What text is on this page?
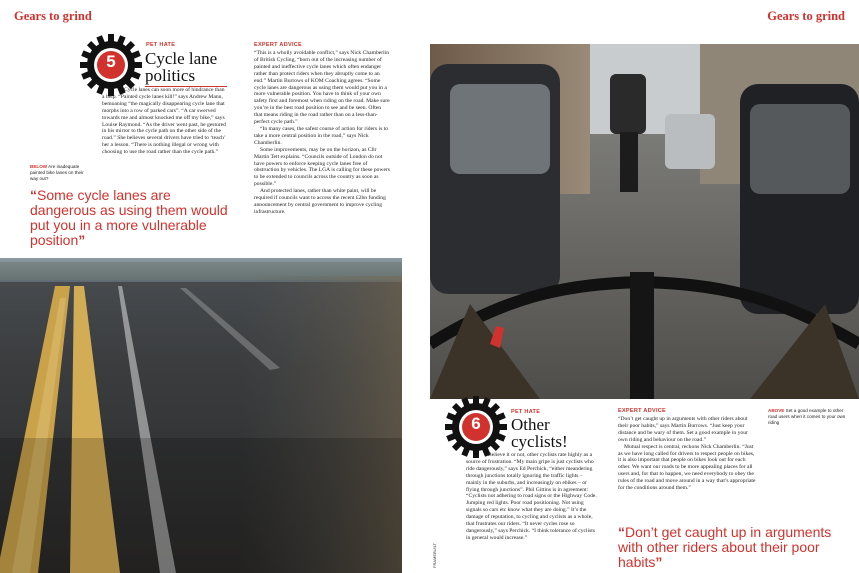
Gears to grind
5
PET HATE
Cycle lane
politics
Cycle lanes can soon more of hindrance than a help. “Painted cycle lanes kill!” says Andrew Mann, bemoaning “the magically disappearing cycle lane that morphs into a row of parked cars”. “A car swerved towards me and almost knocked me off my bike,” says Louise Raymond. “As the driver went past, he gestured in his mirror to the cycle path on the other side of the road.” She believes several drivers have tried to ‘teach’ her a lesson. “There is nothing illegal or wrong with choosing to use the road rather than the cycle path.”
BELOW Are inadequate painted bike lanes on their way out?
“Some cycle lanes are dangerous as using them would put you in a more vulnerable position”
EXPERT ADVICE
“This is a wholly avoidable conflict,” says Nick Chamberlin of British Cycling, “born out of the increasing number of painted and ineffective cycle lanes which often endanger rather than protect riders when they abruptly come to an end.” Martin Burrows of KOM Coaching agrees. “Some cycle lanes are dangerous as using them would put you in a more vulnerable position. You have to think of your own safety first and foremost when riding on the road. Make sure you’re in the best road position to see and be seen. Often that means riding in the road rather than on a less-than-perfect cycle path.”
“In many cases, the safest course of action for riders is to take a more central position in the road,” says Nick Chamberlin.
Some improvements, may be on the horizon, as Cllr Martin Tett explains. “Councils outside of London do not have powers to enforce keeping cycle lanes free of obstruction by vehicles. The LGA is calling for these powers to be extended to councils across the country as soon as possible.”
And protected lanes, rather than white paint, will be required if councils want to access the recent £2bn funding announcement by central government to improve cycling infrastructure.
Gears to grind
6
PET HATE
Other
cyclists!
Believe it or not, other cyclists rate highly as a source of frustration. “My main gripe is just cyclists who ride dangerously,” says Ed Perchick, “either meandering through junctions totally ignoring the traffic lights – mainly in the suburbs, and increasingly on ebikes – or flying through junctions”. Phil Gittins is in agreement: “Cyclists not adhering to road signs or the Highway Code. Jumping red lights. Poor road positioning. Not using signals so cars etc know what they are doing.” It’s the damage of reputation, to cycling and cyclists as a whole, that frustrates our riders. “It never cycles rose so dangerously,” says Perchick. “I think tolerance of cyclists in general would increase.”
FRAMEBUILT
EXPERT ADVICE
“Don’t get caught up in arguments with other riders about their poor habits,” says Martin Burrows. “Just keep your distance and be wary of them. Set a good example in your own riding and behaviour on the road.”
Mutual respect is central, reckons Nick Chamberlin. “Just as we have long called for drivers to respect people on bikes, it is also important that people on bikes look out for each other. We want our roads to be more appealing places for all users and, for that to happen, we need everybody to obey the rules of the road and move around in a way that’s appropriate for the conditions around them.”
ABOVE Set a good example to other road users when it comes to your own riding
“Don’t get caught up in arguments with other riders about their poor habits”
